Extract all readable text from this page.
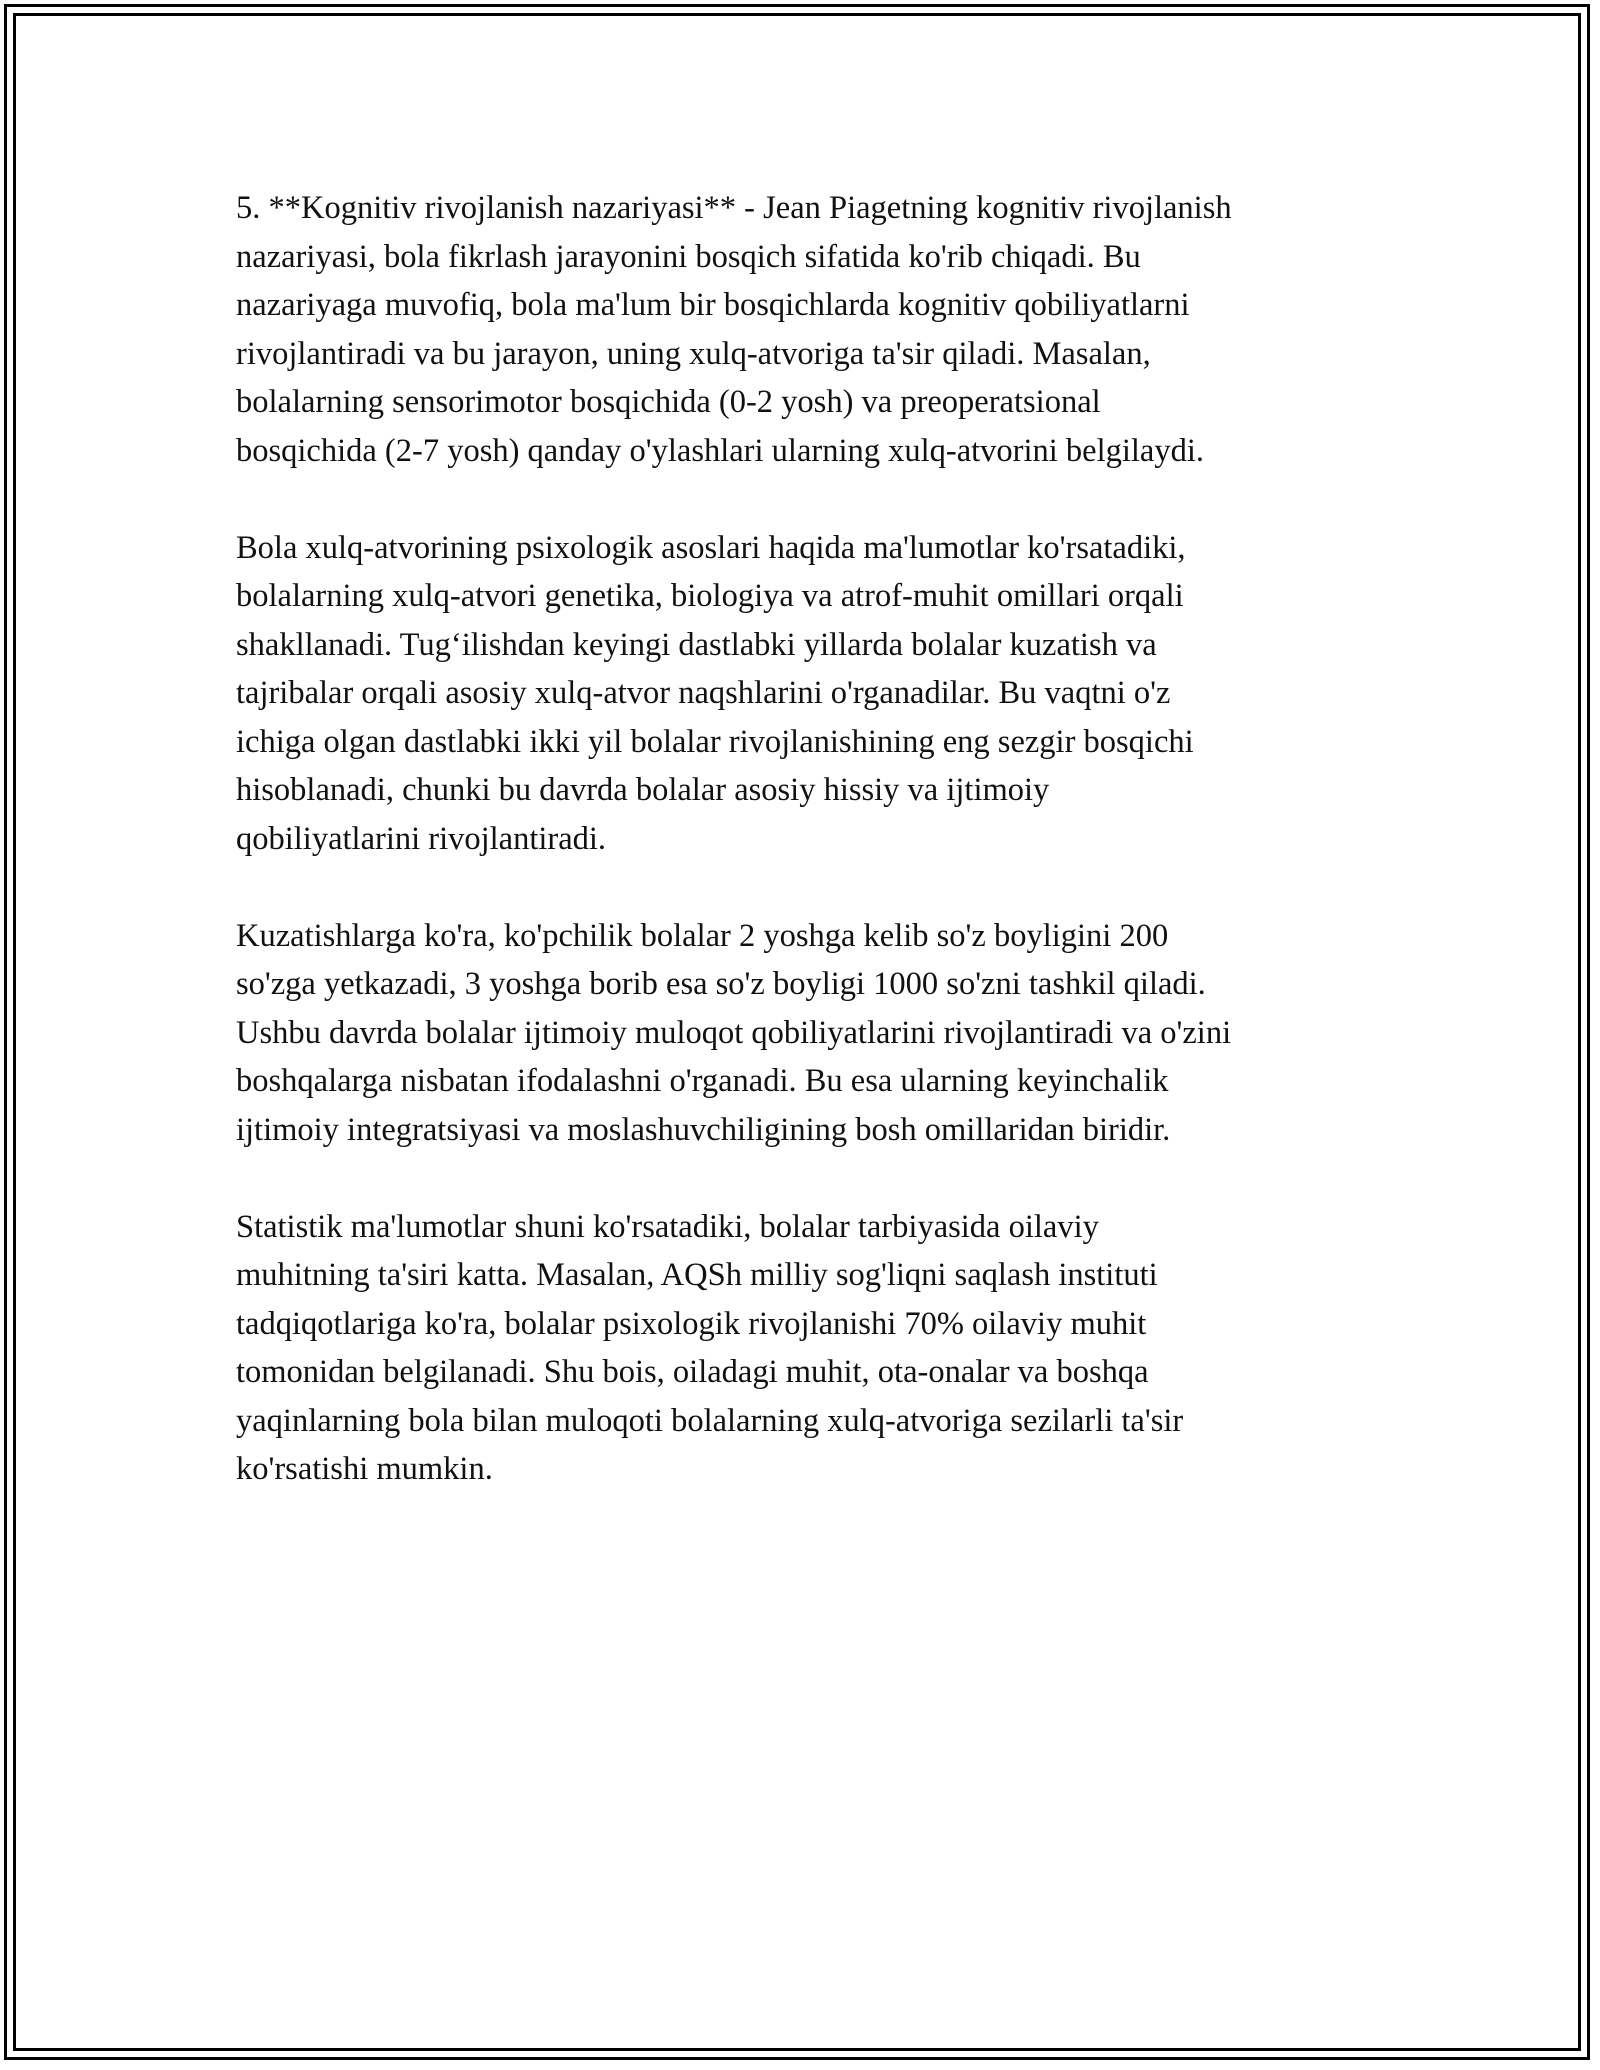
5. **Kognitiv rivojlanish nazariyasi** - Jean Piagetning kognitiv rivojlanish
nazariyasi, bola fikrlash jarayonini bosqich sifatida ko'rib chiqadi. Bu
nazariyaga muvofiq, bola ma'lum bir bosqichlarda kognitiv qobiliyatlarni
rivojlantiradi va bu jarayon, uning xulq-atvoriga ta'sir qiladi. Masalan,
bolalarning sensorimotor bosqichida (0-2 yosh) va preoperatsional
bosqichida (2-7 yosh) qanday o'ylashlari ularning xulq-atvorini belgilaydi.

Bola xulq-atvorining psixologik asoslari haqida ma'lumotlar ko'rsatadiki,
bolalarning xulq-atvori genetika, biologiya va atrof-muhit omillari orqali
shakllanadi. Tug‘ilishdan keyingi dastlabki yillarda bolalar kuzatish va
tajribalar orqali asosiy xulq-atvor naqshlarini o'rganadilar. Bu vaqtni o'z
ichiga olgan dastlabki ikki yil bolalar rivojlanishining eng sezgir bosqichi
hisoblanadi, chunki bu davrda bolalar asosiy hissiy va ijtimoiy
qobiliyatlarini rivojlantiradi.

Kuzatishlarga ko'ra, ko'pchilik bolalar 2 yoshga kelib so'z boyligini 200
so'zga yetkazadi, 3 yoshga borib esa so'z boyligi 1000 so'zni tashkil qiladi.
Ushbu davrda bolalar ijtimoiy muloqot qobiliyatlarini rivojlantiradi va o'zini
boshqalarga nisbatan ifodalashni o'rganadi. Bu esa ularning keyinchalik
ijtimoiy integratsiyasi va moslashuvchiligining bosh omillaridan biridir.

Statistik ma'lumotlar shuni ko'rsatadiki, bolalar tarbiyasida oilaviy
muhitning ta'siri katta. Masalan, AQSh milliy sog'liqni saqlash instituti
tadqiqotlariga ko'ra, bolalar psixologik rivojlanishi 70% oilaviy muhit
tomonidan belgilanadi. Shu bois, oiladagi muhit, ota-onalar va boshqa
yaqinlarning bola bilan muloqoti bolalarning xulq-atvoriga sezilarli ta'sir
ko'rsatishi mumkin.
